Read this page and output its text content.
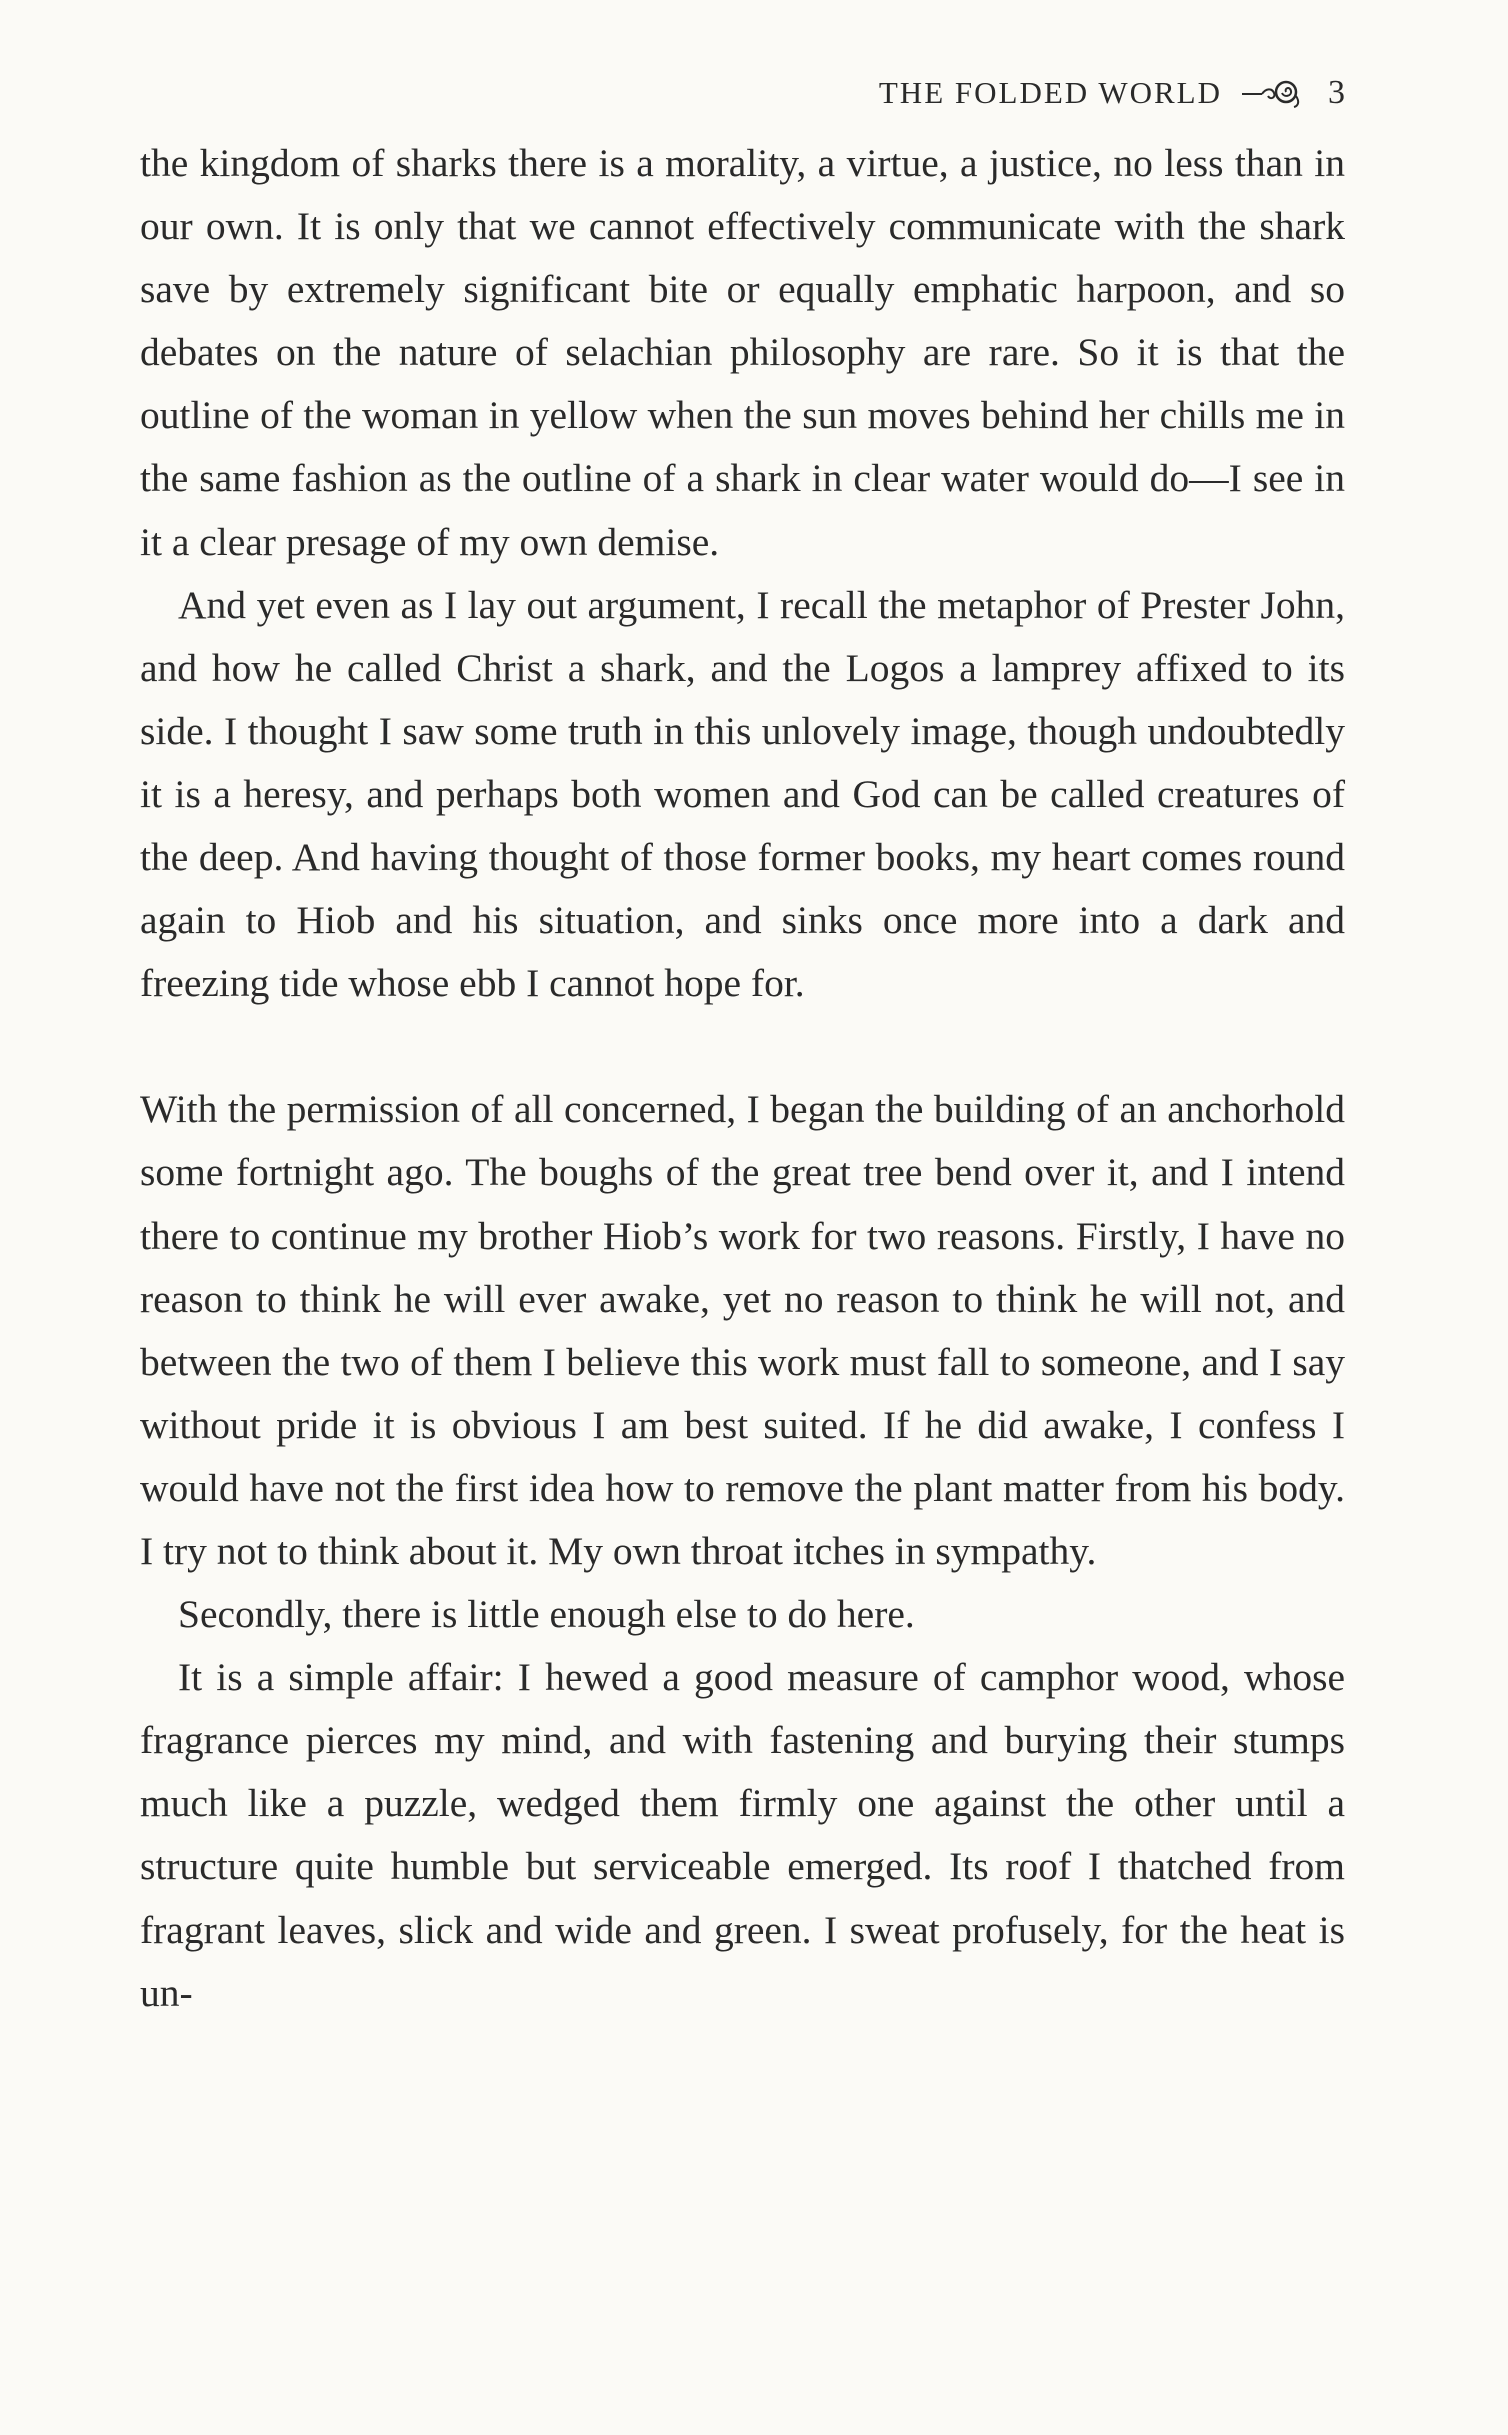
THE FOLDED WORLD	3

the kingdom of sharks there is a morality, a virtue, a justice, no less than in our own. It is only that we cannot effectively communicate with the shark save by extremely significant bite or equally emphatic harpoon, and so debates on the nature of selachian philosophy are rare. So it is that the outline of the woman in yellow when the sun moves behind her chills me in the same fashion as the outline of a shark in clear water would do—I see in it a clear presage of my own demise.

And yet even as I lay out argument, I recall the metaphor of Prester John, and how he called Christ a shark, and the Logos a lamprey affixed to its side. I thought I saw some truth in this unlovely image, though undoubtedly it is a heresy, and perhaps both women and God can be called creatures of the deep. And having thought of those former books, my heart comes round again to Hiob and his situation, and sinks once more into a dark and freezing tide whose ebb I cannot hope for.

With the permission of all concerned, I began the building of an anchorhold some fortnight ago. The boughs of the great tree bend over it, and I intend there to continue my brother Hiob’s work for two reasons. Firstly, I have no reason to think he will ever awake, yet no reason to think he will not, and between the two of them I believe this work must fall to someone, and I say without pride it is obvious I am best suited. If he did awake, I confess I would have not the first idea how to remove the plant matter from his body. I try not to think about it. My own throat itches in sympathy.

Secondly, there is little enough else to do here.

It is a simple affair: I hewed a good measure of camphor wood, whose fragrance pierces my mind, and with fastening and burying their stumps much like a puzzle, wedged them firmly one against the other until a structure quite humble but serviceable emerged. Its roof I thatched from fragrant leaves, slick and wide and green. I sweat profusely, for the heat is un-
